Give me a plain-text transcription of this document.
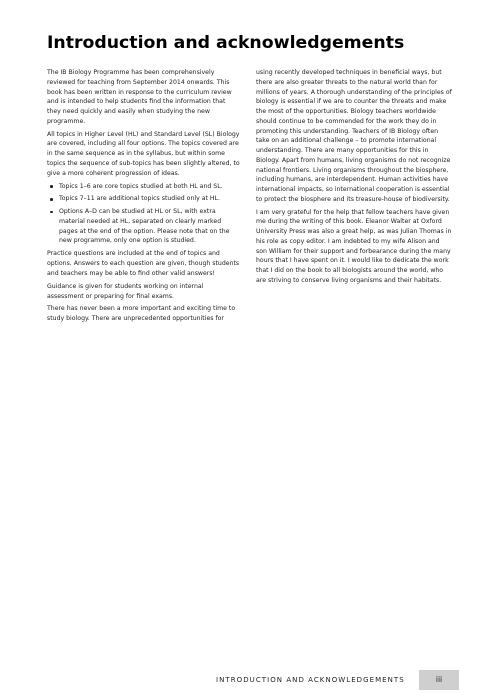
Introduction and acknowledgements

The IB Biology Programme has been comprehensively reviewed for teaching from September 2014 onwards. This book has been written in response to the curriculum review and is intended to help students find the information that they need quickly and easily when studying the new programme.

All topics in Higher Level (HL) and Standard Level (SL) Biology are covered, including all four options. The topics covered are in the same sequence as in the syllabus, but within some topics the sequence of sub-topics has been slightly altered, to give a more coherent progression of ideas.

Topics 1–6 are core topics studied at both HL and SL.
Topics 7–11 are additional topics studied only at HL.
Options A–D can be studied at HL or SL, with extra material needed at HL, separated on clearly marked pages at the end of the option. Please note that on the new programme, only one option is studied.

Practice questions are included at the end of topics and options. Answers to each question are given, though students and teachers may be able to find other valid answers!

Guidance is given for students working on internal assessment or preparing for final exams.

There has never been a more important and exciting time to study biology. There are unprecedented opportunities for

using recently developed techniques in beneficial ways, but there are also greater threats to the natural world than for millions of years. A thorough understanding of the principles of biology is essential if we are to counter the threats and make the most of the opportunities. Biology teachers worldwide should continue to be commended for the work they do in promoting this understanding. Teachers of IB Biology often take on an additional challenge – to promote international understanding. There are many opportunities for this in Biology. Apart from humans, living organisms do not recognize national frontiers. Living organisms throughout the biosphere, including humans, are interdependent. Human activities have international impacts, so international cooperation is essential to protect the biosphere and its treasure-house of biodiversity.

I am very grateful for the help that fellow teachers have given me during the writing of this book. Eleanor Walter at Oxford University Press was also a great help, as was Julian Thomas in his role as copy editor. I am indebted to my wife Alison and son William for their support and forbearance during the many hours that I have spent on it. I would like to dedicate the work that I did on the book to all biologists around the world, who are striving to conserve living organisms and their habitats.

INTRODUCTION AND ACKNOWLEDGEMENTS	iii
